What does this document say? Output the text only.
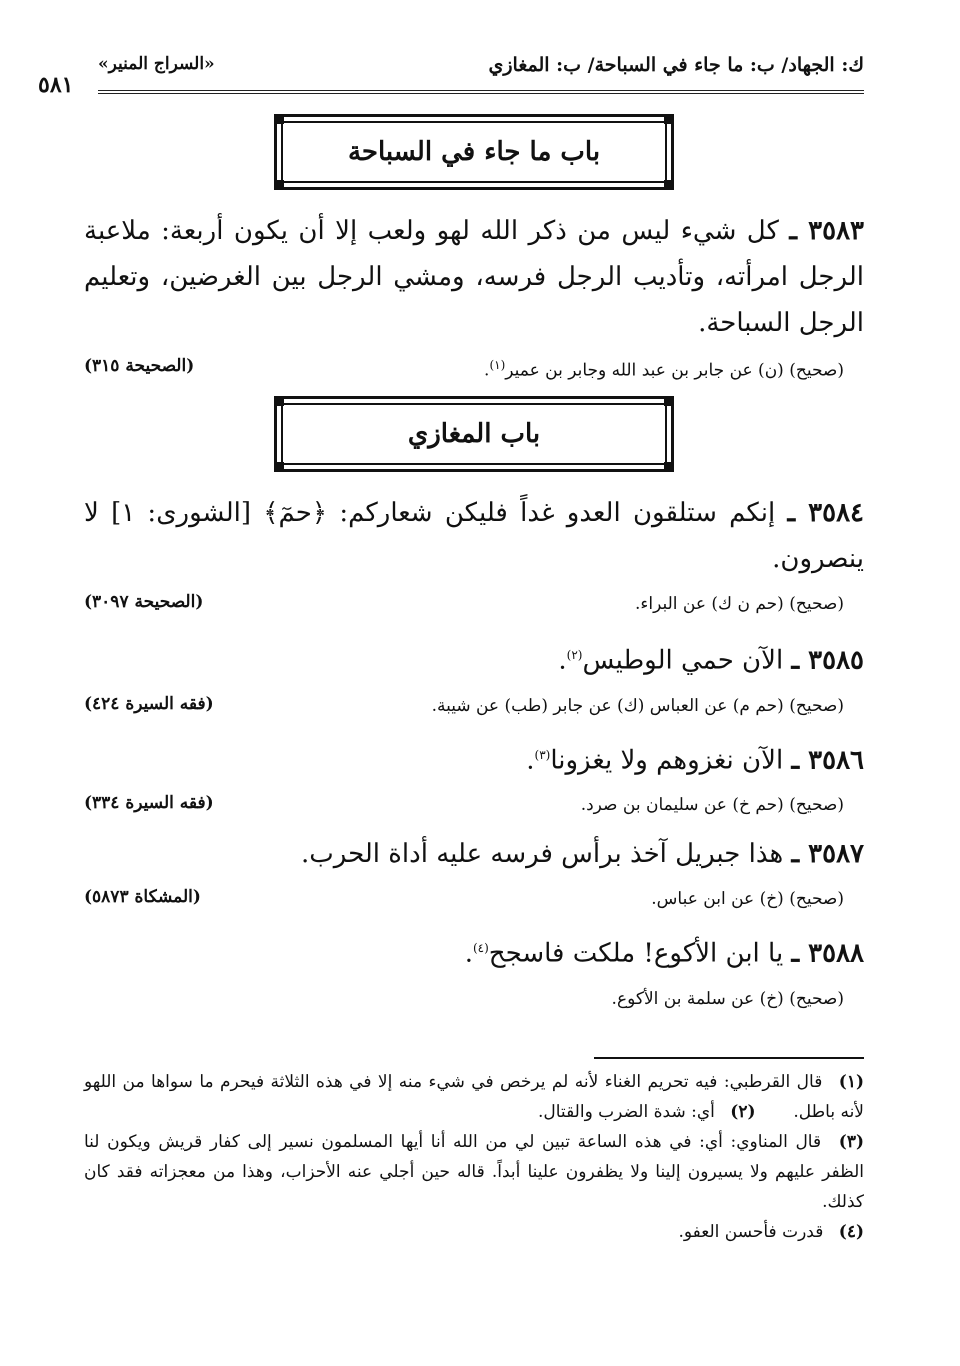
ك: الجهاد/ ب: ما جاء في السباحة/ ب: المغازي
«السراج المنير»
٥٨١
باب ما جاء في السباحة
٣٥٨٣ ـ كل شيء ليس من ذكر الله لهو ولعب إلا أن يكون أربعة: ملاعبة الرجل امرأته، وتأديب الرجل فرسه، ومشي الرجل بين الغرضين، وتعليم الرجل السباحة.
(صحيح) (ن) عن جابر بن عبد الله وجابر بن عمير$^{(١)}$.
(الصحيحة ٣١٥)
باب المغازي
٣٥٨٤ ـ إنكم ستلقون العدو غداً فليكن شعاركم: ﴿حمٓ﴾ [الشورى: ١] لا ينصرون.
(صحيح) (حم ن ك) عن البراء.
(الصحيحة ٣٠٩٧)
٣٥٨٥ ـ الآن حمي الوطيس$^{(٢)}$.
(صحيح) (حم م) عن العباس (ك) عن جابر (طب) عن شيبة.
(فقه السيرة ٤٢٤)
٣٥٨٦ ـ الآن نغزوهم ولا يغزونا$^{(٣)}$.
(صحيح) (حم خ) عن سليمان بن صرد.
(فقه السيرة ٣٣٤)
٣٥٨٧ ـ هذا جبريل آخذ برأس فرسه عليه أداة الحرب.
(صحيح) (خ) عن ابن عباس.
(المشكاة ٥٨٧٣)
٣٥٨٨ ـ يا ابن الأكوع! ملكت فاسجح$^{(٤)}$.
(صحيح) (خ) عن سلمة بن الأكوع.
(١) قال القرطبي: فيه تحريم الغناء لأنه لم يرخص في شيء منه إلا في هذه الثلاثة فيحرم ما سواها من اللهو لأنه باطل.       (٢) أي: شدة الضرب والقتال.
(٣) قال المناوي: أي: في هذه الساعة تبين لي من الله أنا أيها المسلمون نسير إلى كفار قريش ويكون لنا الظفر عليهم ولا يسيرون إلينا ولا يظفرون علينا أبداً. قاله حين أجلي عنه الأحزاب، وهذا من معجزاته فقد كان كذلك.
(٤) قدرت فأحسن العفو.
